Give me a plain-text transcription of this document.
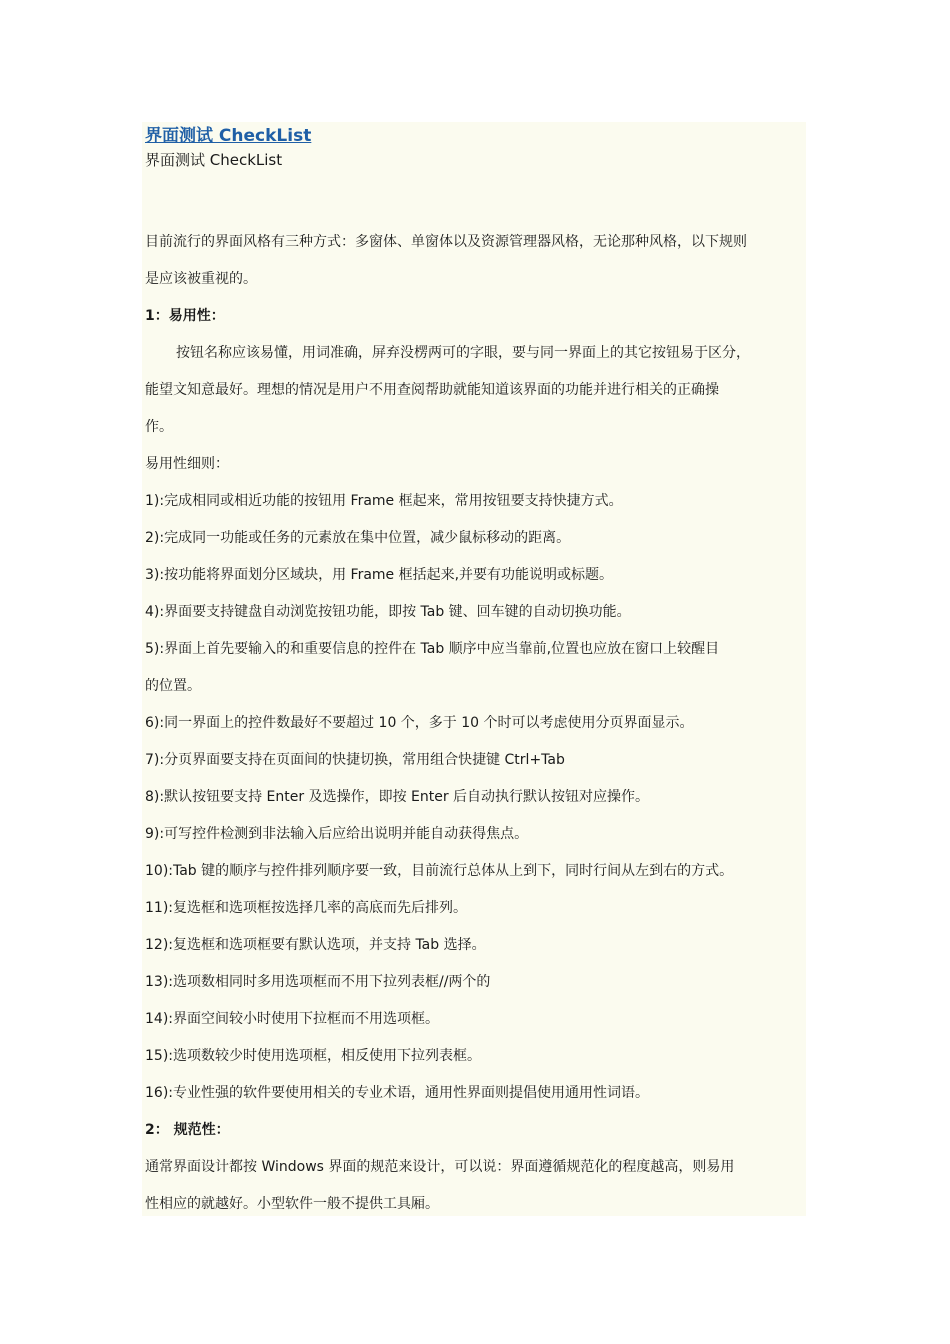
界面测试 CheckList

界面测试 CheckList

目前流行的界面风格有三种方式：多窗体、单窗体以及资源管理器风格，无论那种风格，以下规则

是应该被重视的。

1：易用性：

按钮名称应该易懂，用词准确，屏弃没楞两可的字眼，要与同一界面上的其它按钮易于区分，

能望文知意最好。理想的情况是用户不用查阅帮助就能知道该界面的功能并进行相关的正确操

作。

易用性细则：

1):完成相同或相近功能的按钮用 Frame 框起来，常用按钮要支持快捷方式。

2):完成同一功能或任务的元素放在集中位置，减少鼠标移动的距离。

3):按功能将界面划分区域块，用 Frame 框括起来,并要有功能说明或标题。

4):界面要支持键盘自动浏览按钮功能，即按 Tab 键、回车键的自动切换功能。

5):界面上首先要输入的和重要信息的控件在 Tab 顺序中应当靠前,位置也应放在窗口上较醒目

的位置。

6):同一界面上的控件数最好不要超过 10 个，多于 10 个时可以考虑使用分页界面显示。

7):分页界面要支持在页面间的快捷切换，常用组合快捷键 Ctrl+Tab

8):默认按钮要支持 Enter 及选操作，即按 Enter 后自动执行默认按钮对应操作。

9):可写控件检测到非法输入后应给出说明并能自动获得焦点。

10):Tab 键的顺序与控件排列顺序要一致，目前流行总体从上到下，同时行间从左到右的方式。

11):复选框和选项框按选择几率的高底而先后排列。

12):复选框和选项框要有默认选项，并支持 Tab 选择。

13):选项数相同时多用选项框而不用下拉列表框//两个的

14):界面空间较小时使用下拉框而不用选项框。

15):选项数较少时使用选项框，相反使用下拉列表框。

16):专业性强的软件要使用相关的专业术语，通用性界面则提倡使用通用性词语。

2： 规范性：

通常界面设计都按 Windows 界面的规范来设计，可以说：界面遵循规范化的程度越高，则易用

性相应的就越好。小型软件一般不提供工具厢。
